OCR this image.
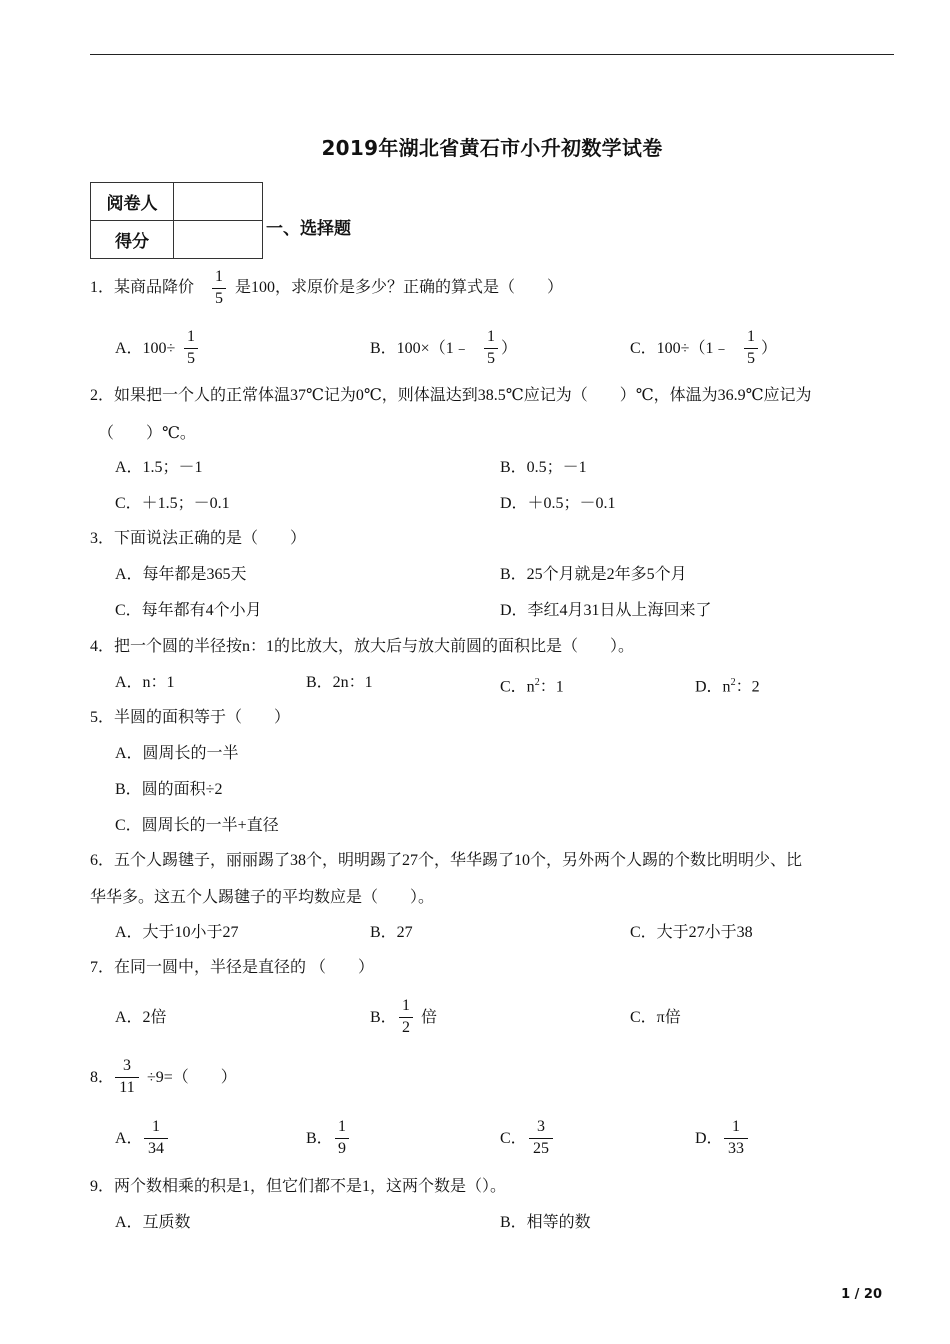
2019年湖北省黄石市小升初数学试卷
阅卷人	
得分	
一、选择题
1．某商品降价
1
5
是100，求原价是多少？正确的算式是（　　）
A．100÷
1
5
B．100×（1﹣
1
5
）	C．100÷（1﹣
1
5
）
2．如果把一个人的正常体温37℃记为0℃，则体温达到38.5℃应记为（　　）℃，体温为36.9℃应记为
（　　）℃。
A．1.5；－1	B．0.5；－1
C．＋1.5；－0.1	D．＋0.5；－0.1
3．下面说法正确的是（　　）
A．每年都是365天	B．25个月就是2年多5个月
C．每年都有4个小月	D．李红4月31日从上海回来了
4．把一个圆的半径按n：1的比放大，放大后与放大前圆的面积比是（　　）。
A．n：1	B．2n：1	C．$n^2$：1	D．$n^2$：2
5．半圆的面积等于（　　）
A．圆周长的一半
B．圆的面积÷2
C．圆周长的一半+直径
6．五个人踢毽子，丽丽踢了38个，明明踢了27个，华华踢了10个，另外两个人踢的个数比明明少、比
华华多。这五个人踢毽子的平均数应是（　　）。
A．大于10小于27	B．27	C．大于27小于38
7．在同一圆中，半径是直径的 （　　）
A．2倍	B．
1
2
倍	C．π倍
8．
3
11
÷9=（　　）
A．
1
34
B．
1
9
C．
3
25
D．
1
33
9．两个数相乘的积是1，但它们都不是1，这两个数是（）。
A．互质数	B．相等的数
1 / 20
